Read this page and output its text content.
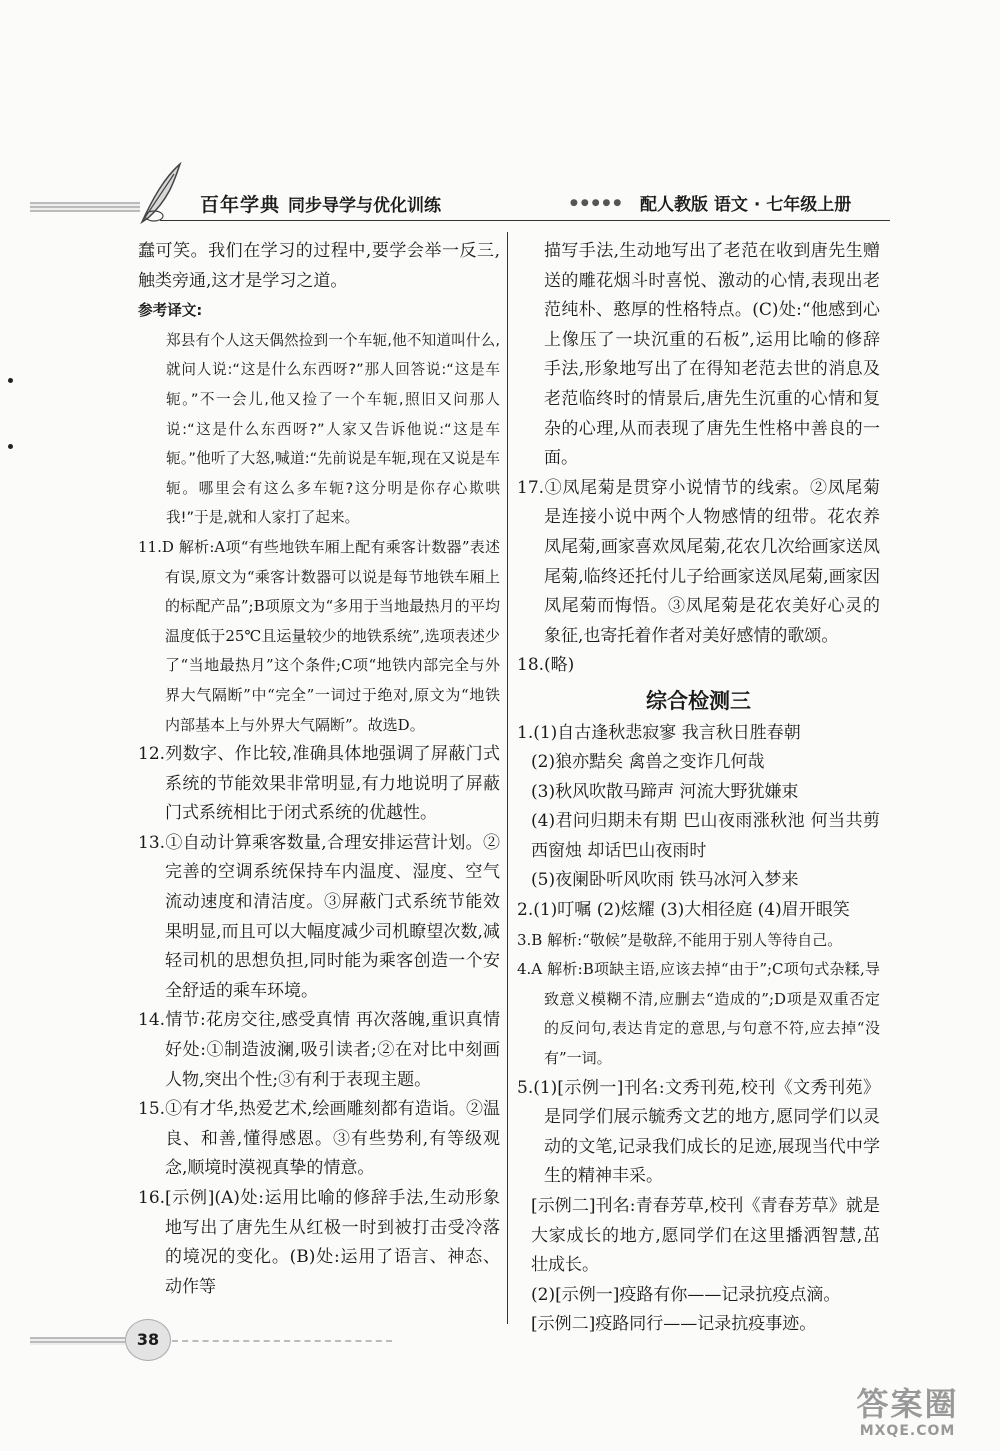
百年学典 同步导学与优化训练	●●●●● 配人教版 语文 · 七年级上册

蠢可笑。我们在学习的过程中,要学会举一反三,触类旁通,这才是学习之道。

参考译文:

郑县有个人这天偶然捡到一个车轭,他不知道叫什么,就问人说:“这是什么东西呀?”那人回答说:“这是车轭。”不一会儿,他又捡了一个车轭,照旧又问那人说:“这是什么东西呀?”人家又告诉他说:“这是车轭。”他听了大怒,喊道:“先前说是车轭,现在又说是车轭。哪里会有这么多车轭?这分明是你存心欺哄我!”于是,就和人家打了起来。

11.D 解析:A项“有些地铁车厢上配有乘客计数器”表述有误,原文为“乘客计数器可以说是每节地铁车厢上的标配产品”;B项原文为“多用于当地最热月的平均温度低于25℃且运量较少的地铁系统”,选项表述少了“当地最热月”这个条件;C项“地铁内部完全与外界大气隔断”中“完全”一词过于绝对,原文为“地铁内部基本上与外界大气隔断”。故选D。

12.列数字、作比较,准确具体地强调了屏蔽门式系统的节能效果非常明显,有力地说明了屏蔽门式系统相比于闭式系统的优越性。

13.①自动计算乘客数量,合理安排运营计划。②完善的空调系统保持车内温度、湿度、空气流动速度和清洁度。③屏蔽门式系统节能效果明显,而且可以大幅度减少司机瞭望次数,减轻司机的思想负担,同时能为乘客创造一个安全舒适的乘车环境。

14.情节:花房交往,感受真情 再次落魄,重识真情 好处:①制造波澜,吸引读者;②在对比中刻画人物,突出个性;③有利于表现主题。

15.①有才华,热爱艺术,绘画雕刻都有造诣。②温良、和善,懂得感恩。③有些势利,有等级观念,顺境时漠视真挚的情意。

16.[示例](A)处:运用比喻的修辞手法,生动形象地写出了唐先生从红极一时到被打击受冷落的境况的变化。(B)处:运用了语言、神态、动作等

描写手法,生动地写出了老范在收到唐先生赠送的雕花烟斗时喜悦、激动的心情,表现出老范纯朴、憨厚的性格特点。(C)处:“他感到心上像压了一块沉重的石板”,运用比喻的修辞手法,形象地写出了在得知老范去世的消息及老范临终时的情景后,唐先生沉重的心情和复杂的心理,从而表现了唐先生性格中善良的一面。

17.①凤尾菊是贯穿小说情节的线索。②凤尾菊是连接小说中两个人物感情的纽带。花农养凤尾菊,画家喜欢凤尾菊,花农几次给画家送凤尾菊,临终还托付儿子给画家送凤尾菊,画家因凤尾菊而悔悟。③凤尾菊是花农美好心灵的象征,也寄托着作者对美好感情的歌颂。

18.(略)

综合检测三

1.(1)自古逢秋悲寂寥 我言秋日胜春朝

(2)狼亦黠矣 禽兽之变诈几何哉

(3)秋风吹散马蹄声 河流大野犹嫌束

(4)君问归期未有期 巴山夜雨涨秋池 何当共剪西窗烛 却话巴山夜雨时

(5)夜阑卧听风吹雨 铁马冰河入梦来

2.(1)叮嘱 (2)炫耀 (3)大相径庭 (4)眉开眼笑

3.B 解析:“敬候”是敬辞,不能用于别人等待自己。

4.A 解析:B项缺主语,应该去掉“由于”;C项句式杂糅,导致意义模糊不清,应删去“造成的”;D项是双重否定的反问句,表达肯定的意思,与句意不符,应去掉“没有”一词。

5.(1)[示例一]刊名:文秀刊苑,校刊《文秀刊苑》是同学们展示毓秀文艺的地方,愿同学们以灵动的文笔,记录我们成长的足迹,展现当代中学生的精神丰采。

[示例二]刊名:青春芳草,校刊《青春芳草》就是大家成长的地方,愿同学们在这里播洒智慧,茁壮成长。

(2)[示例一]疫路有你——记录抗疫点滴。

[示例二]疫路同行——记录抗疫事迹。

38
答案圈
MXQE.COM
